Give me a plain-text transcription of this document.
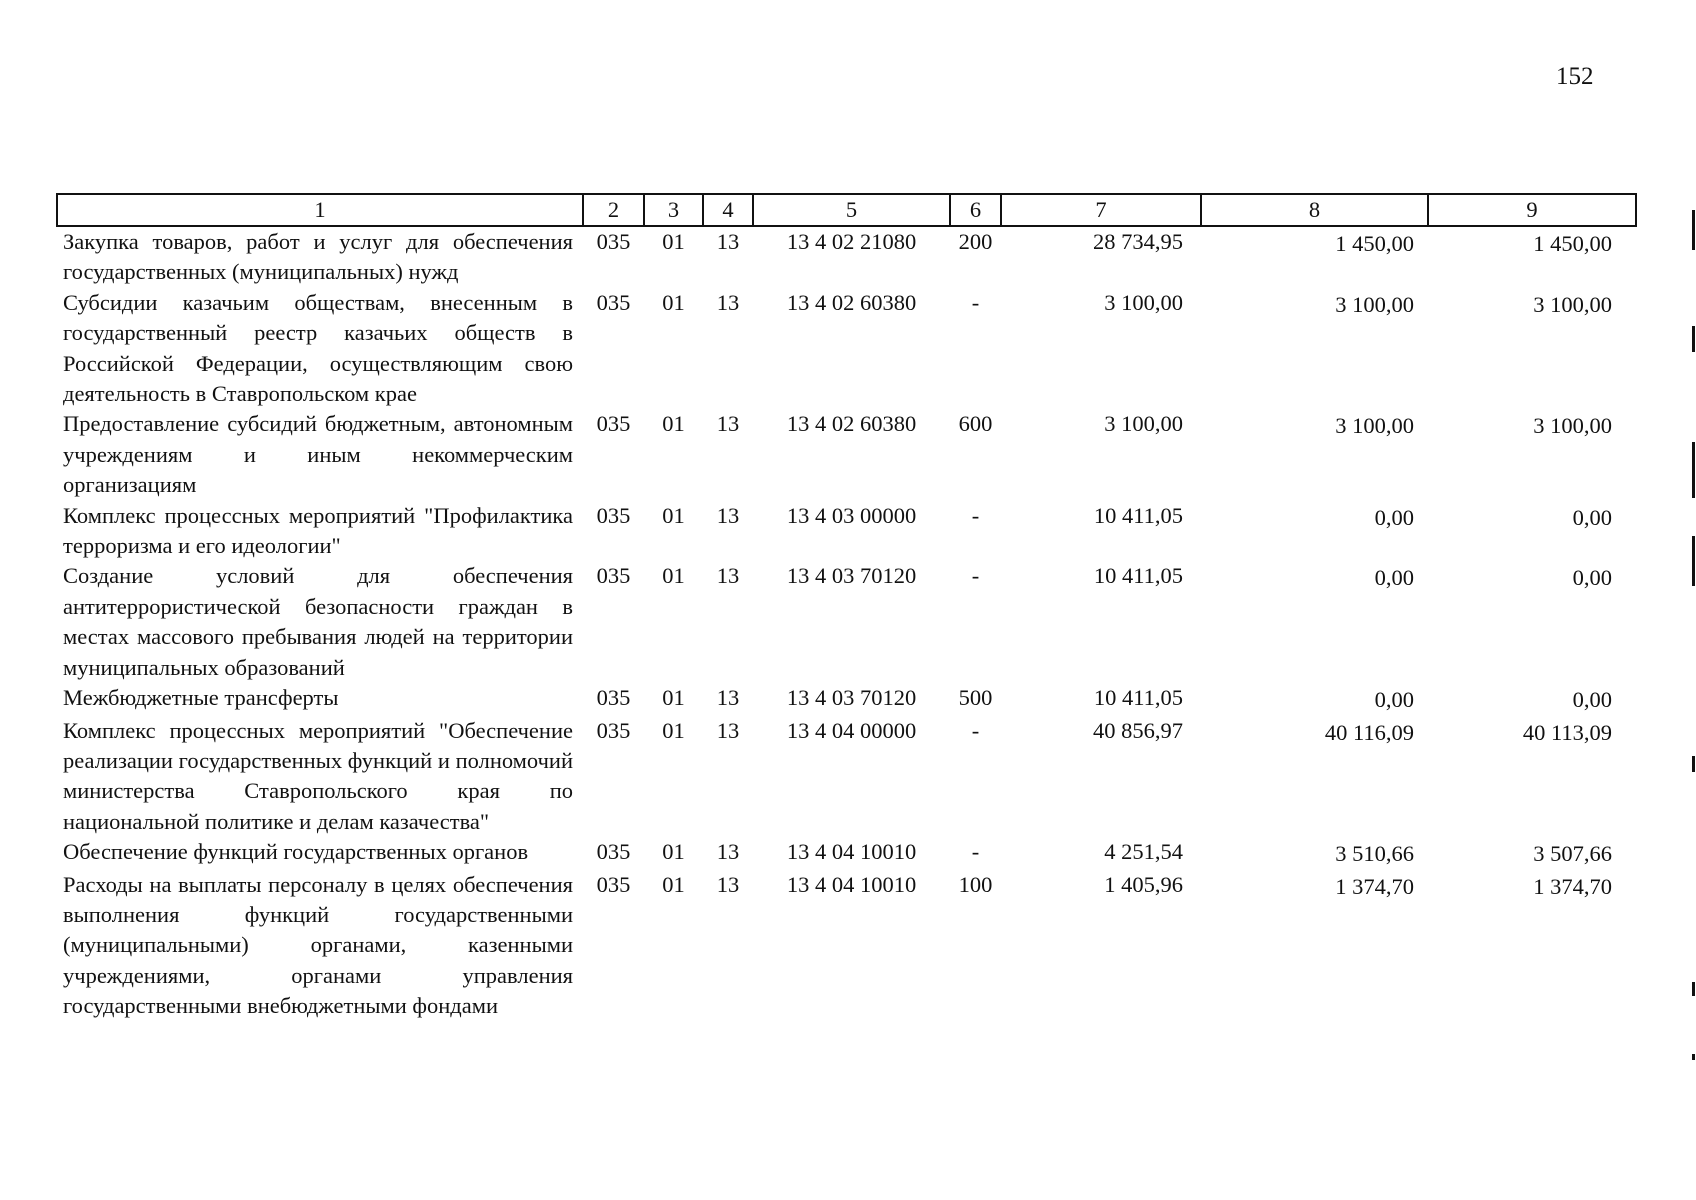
152
1	2	3	4	5	6	7	8	9
Закупка товаров, работ и услуг для обеспечения государственных (муниципальных) нужд	035	01	13	13 4 02 21080	200	28 734,95	1 450,00	1 450,00
Субсидии казачьим обществам, внесенным в государственный реестр казачьих обществ в Российской Федерации, осуществляющим свою деятельность в Ставропольском крае	035	01	13	13 4 02 60380	-	3 100,00	3 100,00	3 100,00
Предоставление субсидий бюджетным, автономным учреждениям и иным некоммерческим организациям	035	01	13	13 4 02 60380	600	3 100,00	3 100,00	3 100,00
Комплекс процессных мероприятий "Профилактика терроризма и его идеологии"	035	01	13	13 4 03 00000	-	10 411,05	0,00	0,00
Создание условий для обеспечения антитеррористической безопасности граждан в местах массового пребывания людей на территории муниципальных образований	035	01	13	13 4 03 70120	-	10 411,05	0,00	0,00
Межбюджетные трансферты	035	01	13	13 4 03 70120	500	10 411,05	0,00	0,00
Комплекс процессных мероприятий "Обеспечение реализации государственных функций и полномочий министерства Ставропольского края по национальной политике и делам казачества"	035	01	13	13 4 04 00000	-	40 856,97	40 116,09	40 113,09
Обеспечение функций государственных органов	035	01	13	13 4 04 10010	-	4 251,54	3 510,66	3 507,66
Расходы на выплаты персоналу в целях обеспечения выполнения функций государственными (муниципальными) органами, казенными учреждениями, органами управления государственными внебюджетными фондами	035	01	13	13 4 04 10010	100	1 405,96	1 374,70	1 374,70
